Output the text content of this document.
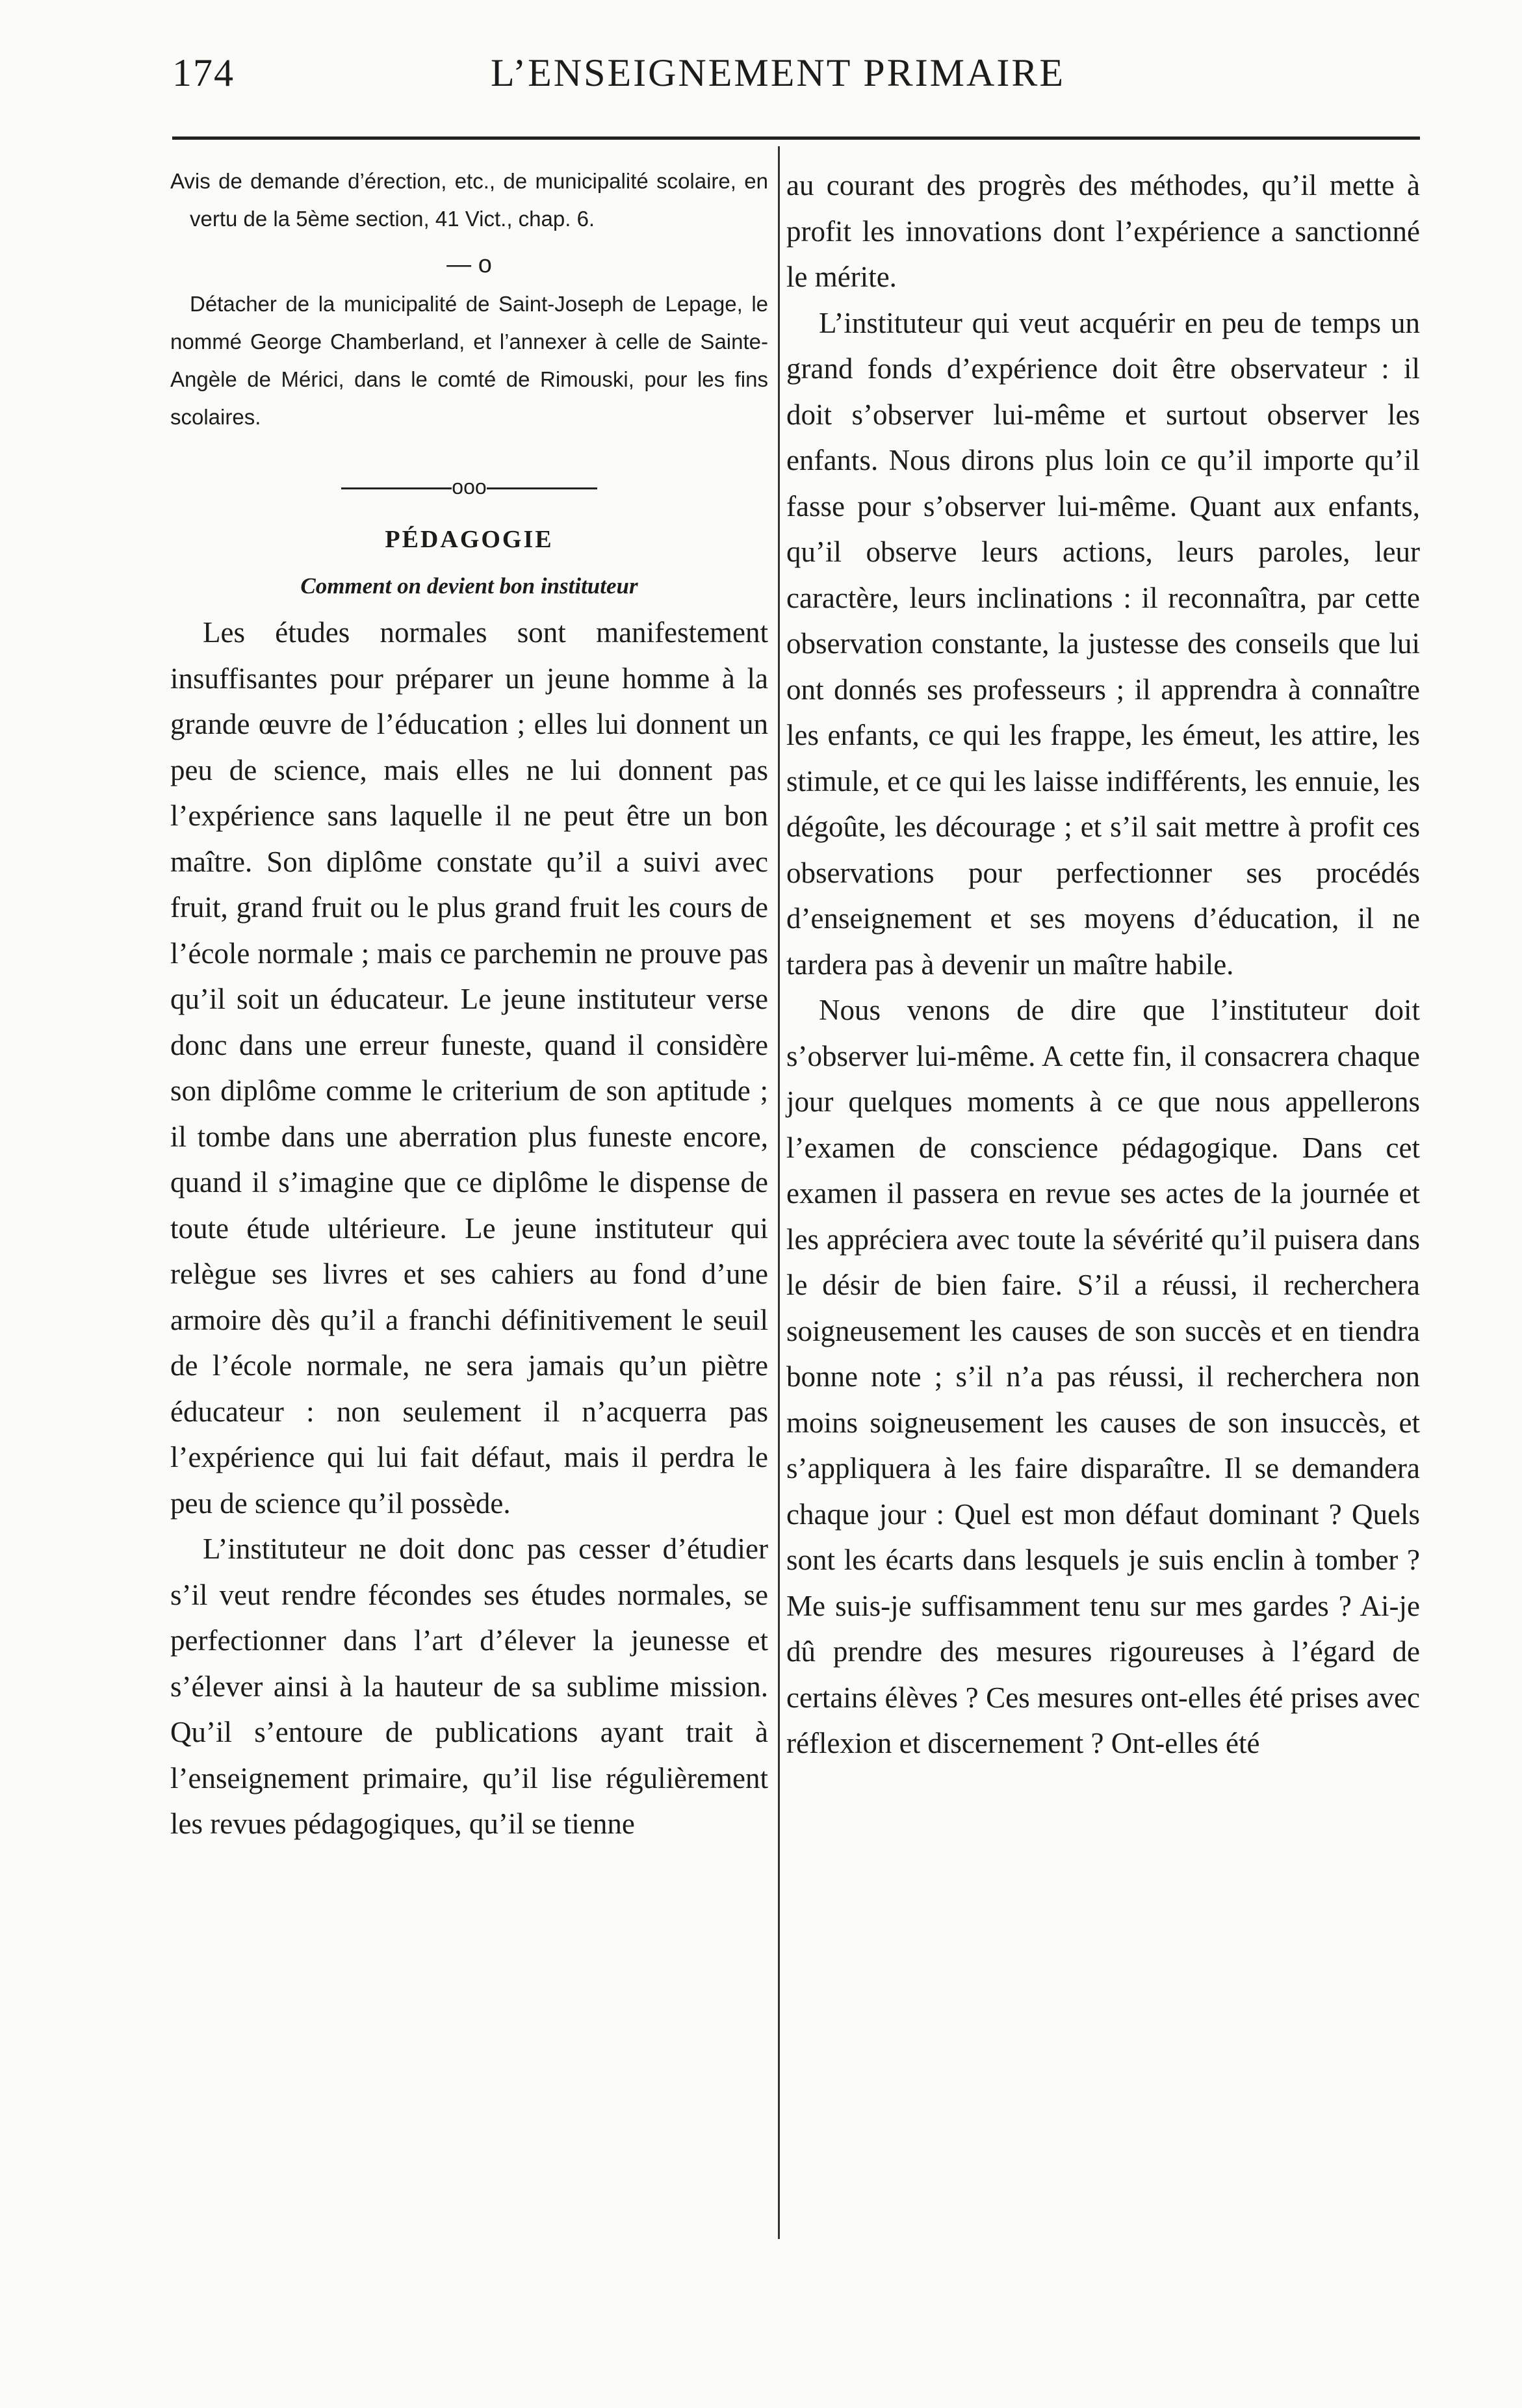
174	L’ENSEIGNEMENT PRIMAIRE

Avis de demande d’érection, etc., de municipalité scolaire, en vertu de la 5ème section, 41 Vict., chap. 6.

— o

Détacher de la municipalité de Saint-Joseph de Lepage, le nommé George Chamberland, et l’annexer à celle de Sainte-Angèle de Mérici, dans le comté de Rimouski, pour les fins scolaires.

ooo
PÉDAGOGIE
Comment on devient bon instituteur

Les études normales sont manifestement insuffisantes pour préparer un jeune homme à la grande œuvre de l’éducation ; elles lui donnent un peu de science, mais elles ne lui donnent pas l’expérience sans laquelle il ne peut être un bon maître. Son diplôme constate qu’il a suivi avec fruit, grand fruit ou le plus grand fruit les cours de l’école normale ; mais ce parchemin ne prouve pas qu’il soit un éducateur. Le jeune instituteur verse donc dans une erreur funeste, quand il considère son diplôme comme le criterium de son aptitude ; il tombe dans une aberration plus funeste encore, quand il s’imagine que ce diplôme le dispense de toute étude ultérieure. Le jeune instituteur qui relègue ses livres et ses cahiers au fond d’une armoire dès qu’il a franchi définitivement le seuil de l’école normale, ne sera jamais qu’un piètre éducateur : non seulement il n’acquerra pas l’expérience qui lui fait défaut, mais il perdra le peu de science qu’il possède.

L’instituteur ne doit donc pas cesser d’étudier s’il veut rendre fécondes ses études normales, se perfectionner dans l’art d’élever la jeunesse et s’élever ainsi à la hauteur de sa sublime mission. Qu’il s’entoure de publications ayant trait à l’enseignement primaire, qu’il lise régulièrement les revues pédagogiques, qu’il se tienne

au courant des progrès des méthodes, qu’il mette à profit les innovations dont l’expérience a sanctionné le mérite.

L’instituteur qui veut acquérir en peu de temps un grand fonds d’expérience doit être observateur : il doit s’observer lui-même et surtout observer les enfants. Nous dirons plus loin ce qu’il importe qu’il fasse pour s’observer lui-même. Quant aux enfants, qu’il observe leurs actions, leurs paroles, leur caractère, leurs inclinations : il reconnaîtra, par cette observation constante, la justesse des conseils que lui ont donnés ses professeurs ; il apprendra à connaître les enfants, ce qui les frappe, les émeut, les attire, les stimule, et ce qui les laisse indifférents, les ennuie, les dégoûte, les décourage ; et s’il sait mettre à profit ces observations pour perfectionner ses procédés d’enseignement et ses moyens d’éducation, il ne tardera pas à devenir un maître habile.

Nous venons de dire que l’instituteur doit s’observer lui-même. A cette fin, il consacrera chaque jour quelques moments à ce que nous appellerons l’examen de conscience pédagogique. Dans cet examen il passera en revue ses actes de la journée et les appréciera avec toute la sévérité qu’il puisera dans le désir de bien faire. S’il a réussi, il recherchera soigneusement les causes de son succès et en tiendra bonne note ; s’il n’a pas réussi, il recherchera non moins soigneusement les causes de son insuccès, et s’appliquera à les faire disparaître. Il se demandera chaque jour : Quel est mon défaut dominant ? Quels sont les écarts dans lesquels je suis enclin à tomber ? Me suis-je suffisamment tenu sur mes gardes ? Ai-je dû prendre des mesures rigoureuses à l’égard de certains élèves ? Ces mesures ont-elles été prises avec réflexion et discernement ? Ont-elles été
